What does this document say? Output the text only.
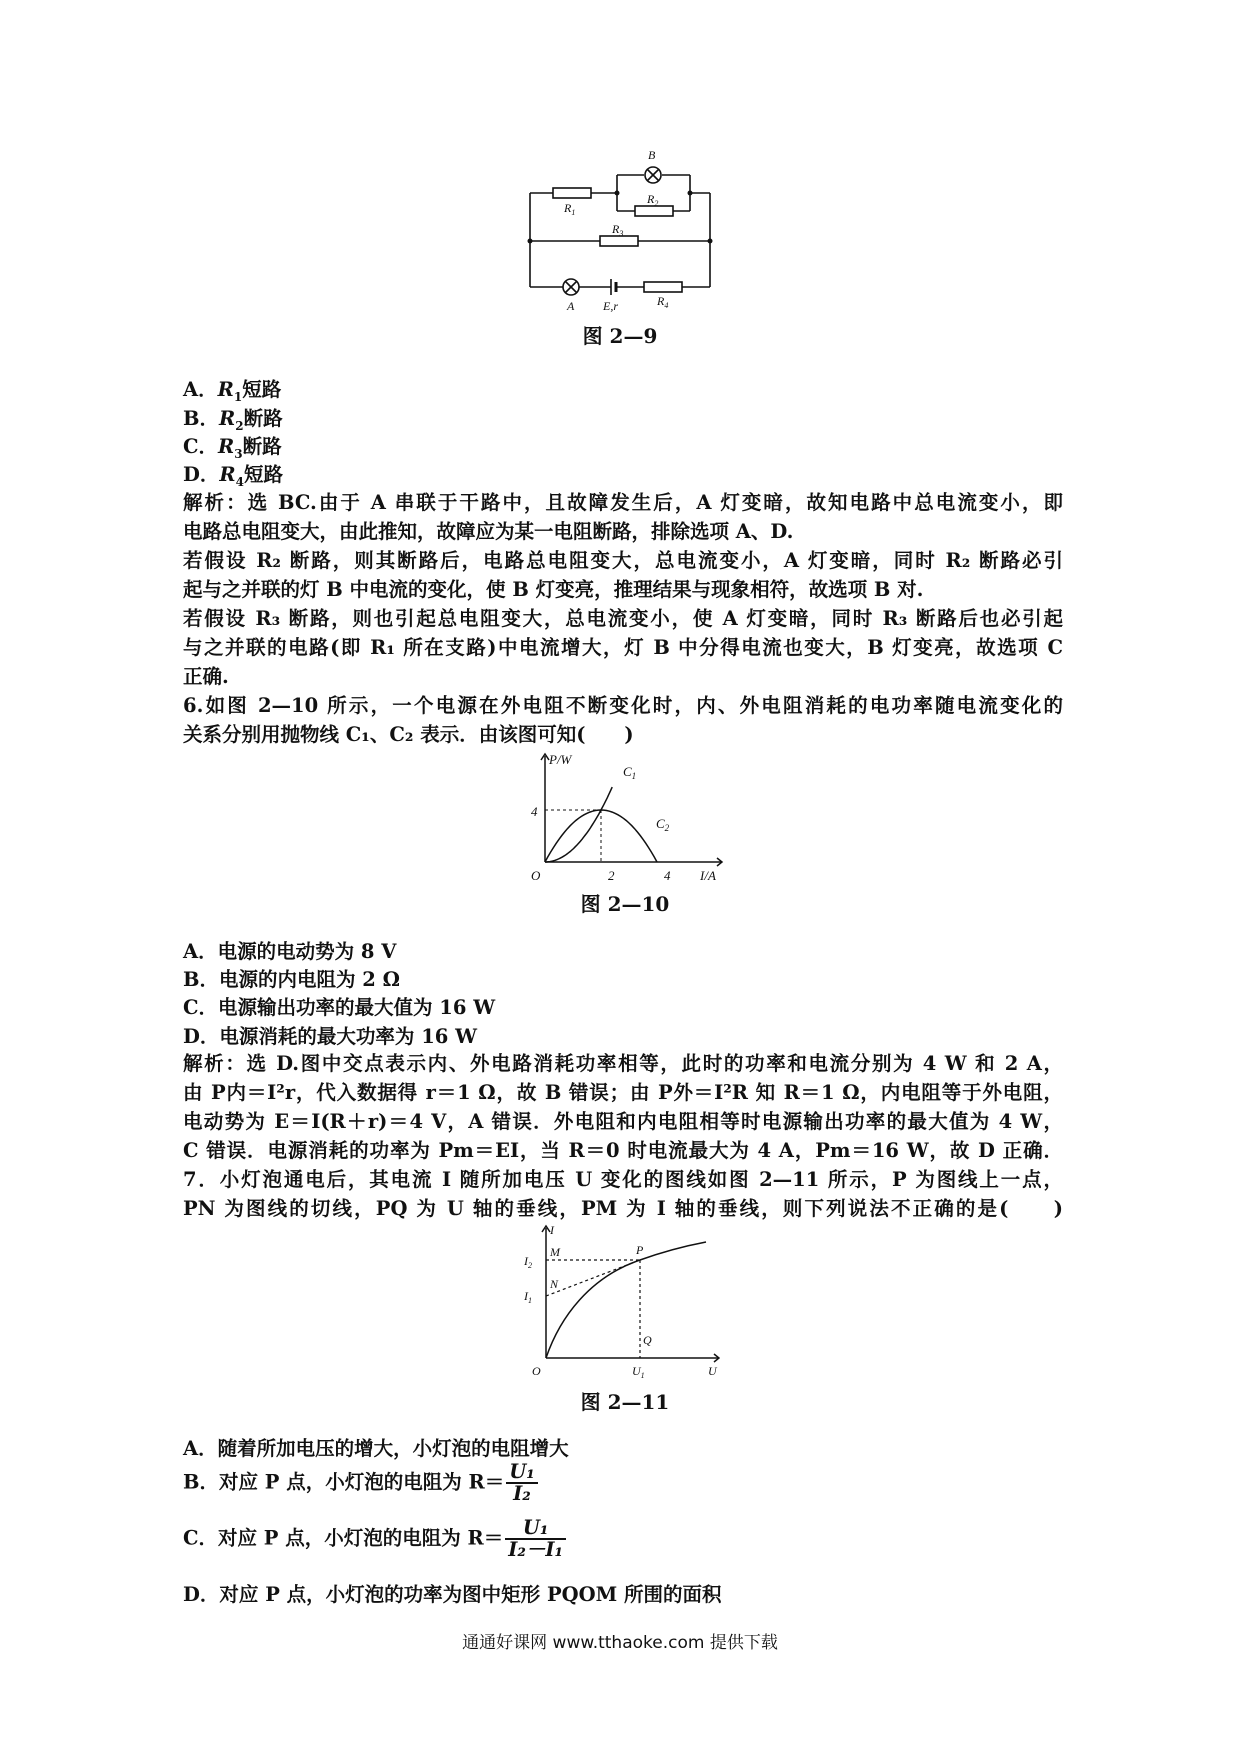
B
$R_1$
$R_2$
$R_3$
A E,r	$R_4$
图 2—9
A．$R_1$短路
B．$R_2$断路
C．$R_3$断路
D．$R_4$短路
解析：选 BC.由于 A 串联于干路中，且故障发生后，A 灯变暗，故知电路中总电流变小，即
电路总电阻变大，由此推知，故障应为某一电阻断路，排除选项 A、D.
若假设 R₂ 断路，则其断路后，电路总电阻变大，总电流变小，A 灯变暗，同时 R₂ 断路必引
起与之并联的灯 B 中电流的变化，使 B 灯变亮，推理结果与现象相符，故选项 B 对.
若假设 R₃ 断路，则也引起总电阻变大，总电流变小，使 A 灯变暗，同时 R₃ 断路后也必引起
与之并联的电路(即 R₁ 所在支路)中电流增大，灯 B 中分得电流也变大，B 灯变亮，故选项 C
正确.
6.如图 2—10 所示，一个电源在外电阻不断变化时，内、外电阻消耗的电功率随电流变化的
关系分别用抛物线 C₁、C₂ 表示．由该图可知(　　)
P/W
I/A
O
4
2	4
$C_1$
$C_2$
图 2—10
A．电源的电动势为 8 V
B．电源的内电阻为 2 Ω
C．电源输出功率的最大值为 16 W
D．电源消耗的最大功率为 16 W
解析：选 D.图中交点表示内、外电路消耗功率相等，此时的功率和电流分别为 4 W 和 2 A，
由 P内＝I²r，代入数据得 r＝1 Ω，故 B 错误；由 P外＝I²R 知 R＝1 Ω，内电阻等于外电阻，
电动势为 E＝I(R＋r)＝4 V，A 错误．外电阻和内电阻相等时电源输出功率的最大值为 4 W，
C 错误．电源消耗的功率为 Pm＝EI，当 R＝0 时电流最大为 4 A，Pm＝16 W，故 D 正确．
7．小灯泡通电后，其电流 I 随所加电压 U 变化的图线如图 2—11 所示，P 为图线上一点，
PN 为图线的切线，PQ 为 U 轴的垂线，PM 为 I 轴的垂线，则下列说法不正确的是(　　)
I
$I_2$
$I_1$
M
N
P
Q
O	$U_1$	U
图 2—11
A．随着所加电压的增大，小灯泡的电阻增大
B．对应 P 点，小灯泡的电阻为 $R= \frac{\text{U₁}}{\text{I₂}}$
C．对应 P 点，小灯泡的电阻为 $R= \frac{\text{U₁}}{\text{I₂－I₁}}$
D．对应 P 点，小灯泡的功率为图中矩形 PQOM 所围的面积
通通好课网 www.tthaoke.com 提供下载
